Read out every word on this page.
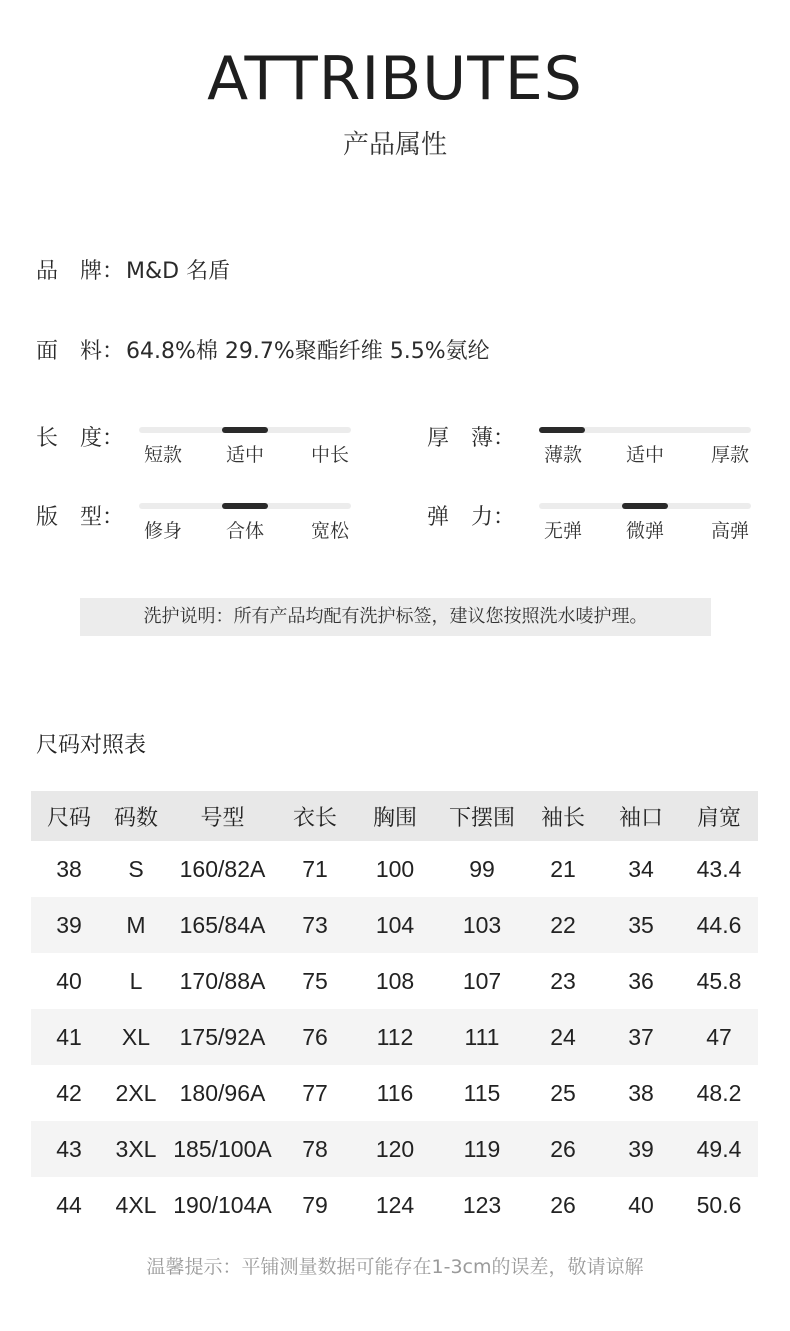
ATTRIBUTES
产品属性
品　牌：M&D 名盾
面　料：64.8%棉 29.7%聚酯纤维 5.5%氨纶
长　度：
短款 适中 中长
厚　薄：
薄款 适中 厚款
版　型：
修身 合体 宽松
弹　力：
无弹 微弹 高弹
洗护说明：所有产品均配有洗护标签，建议您按照洗水唛护理。
尺码对照表
尺码	码数	号型	衣长	胸围	下摆围	袖长	袖口	肩宽
38	S	160/82A	71	100	99	21	34	43.4
39	M	165/84A	73	104	103	22	35	44.6
40	L	170/88A	75	108	107	23	36	45.8
41	XL	175/92A	76	112	111	24	37	47
42	2XL	180/96A	77	116	115	25	38	48.2
43	3XL	185/100A	78	120	119	26	39	49.4
44	4XL	190/104A	79	124	123	26	40	50.6
温馨提示：平铺测量数据可能存在1-3cm的误差，敬请谅解
